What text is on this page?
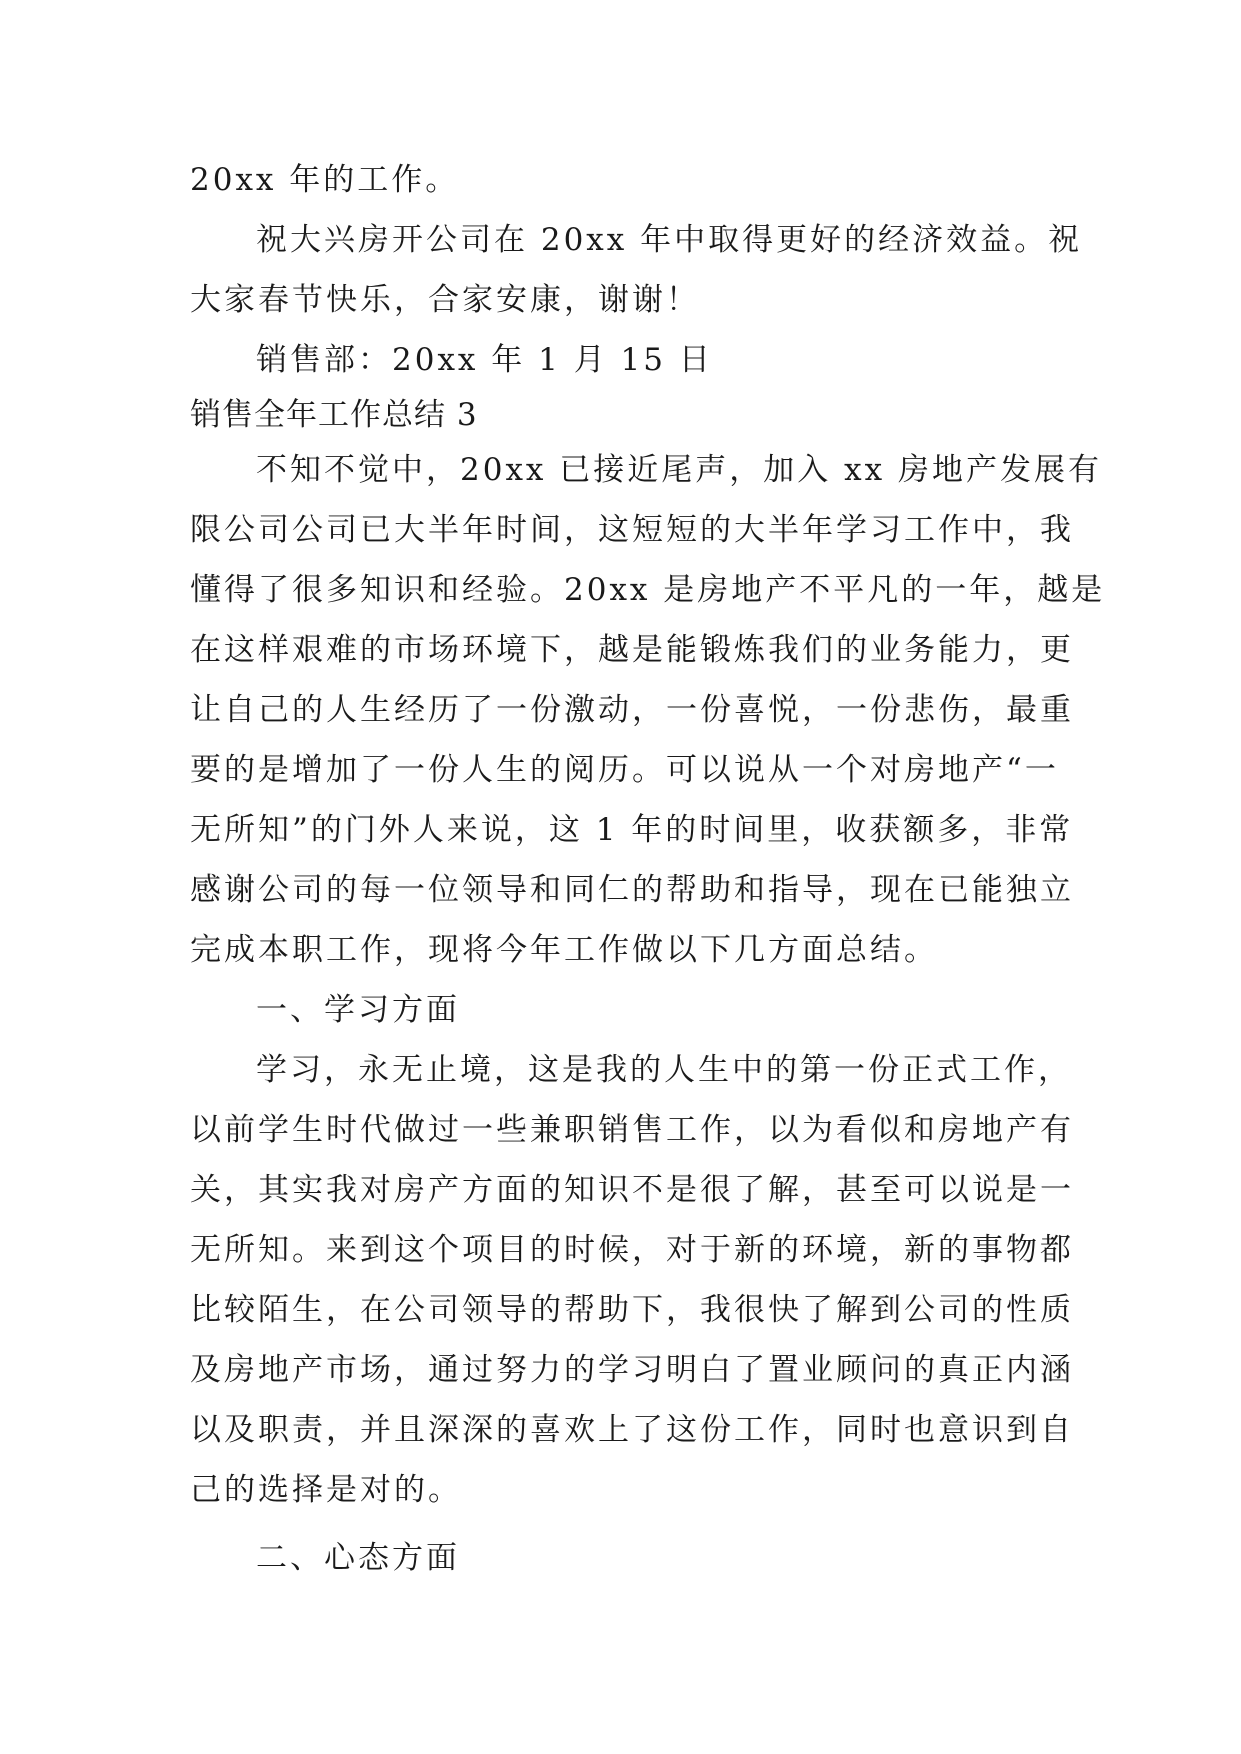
20xx 年的工作。
祝大兴房开公司在 20xx 年中取得更好的经济效益。祝
大家春节快乐，合家安康，谢谢！
销售部：20xx 年 1 月 15 日
销售全年工作总结 3
不知不觉中，20xx 已接近尾声，加入 xx 房地产发展有
限公司公司已大半年时间，这短短的大半年学习工作中，我
懂得了很多知识和经验。20xx 是房地产不平凡的一年，越是
在这样艰难的市场环境下，越是能锻炼我们的业务能力，更
让自己的人生经历了一份激动，一份喜悦，一份悲伤，最重
要的是增加了一份人生的阅历。可以说从一个对房地产“一
无所知”的门外人来说，这 1 年的时间里，收获额多，非常
感谢公司的每一位领导和同仁的帮助和指导，现在已能独立
完成本职工作，现将今年工作做以下几方面总结。
一、学习方面
学习，永无止境，这是我的人生中的第一份正式工作，
以前学生时代做过一些兼职销售工作，以为看似和房地产有
关，其实我对房产方面的知识不是很了解，甚至可以说是一
无所知。来到这个项目的时候，对于新的环境，新的事物都
比较陌生，在公司领导的帮助下，我很快了解到公司的性质
及房地产市场，通过努力的学习明白了置业顾问的真正内涵
以及职责，并且深深的喜欢上了这份工作，同时也意识到自
己的选择是对的。
二、心态方面
